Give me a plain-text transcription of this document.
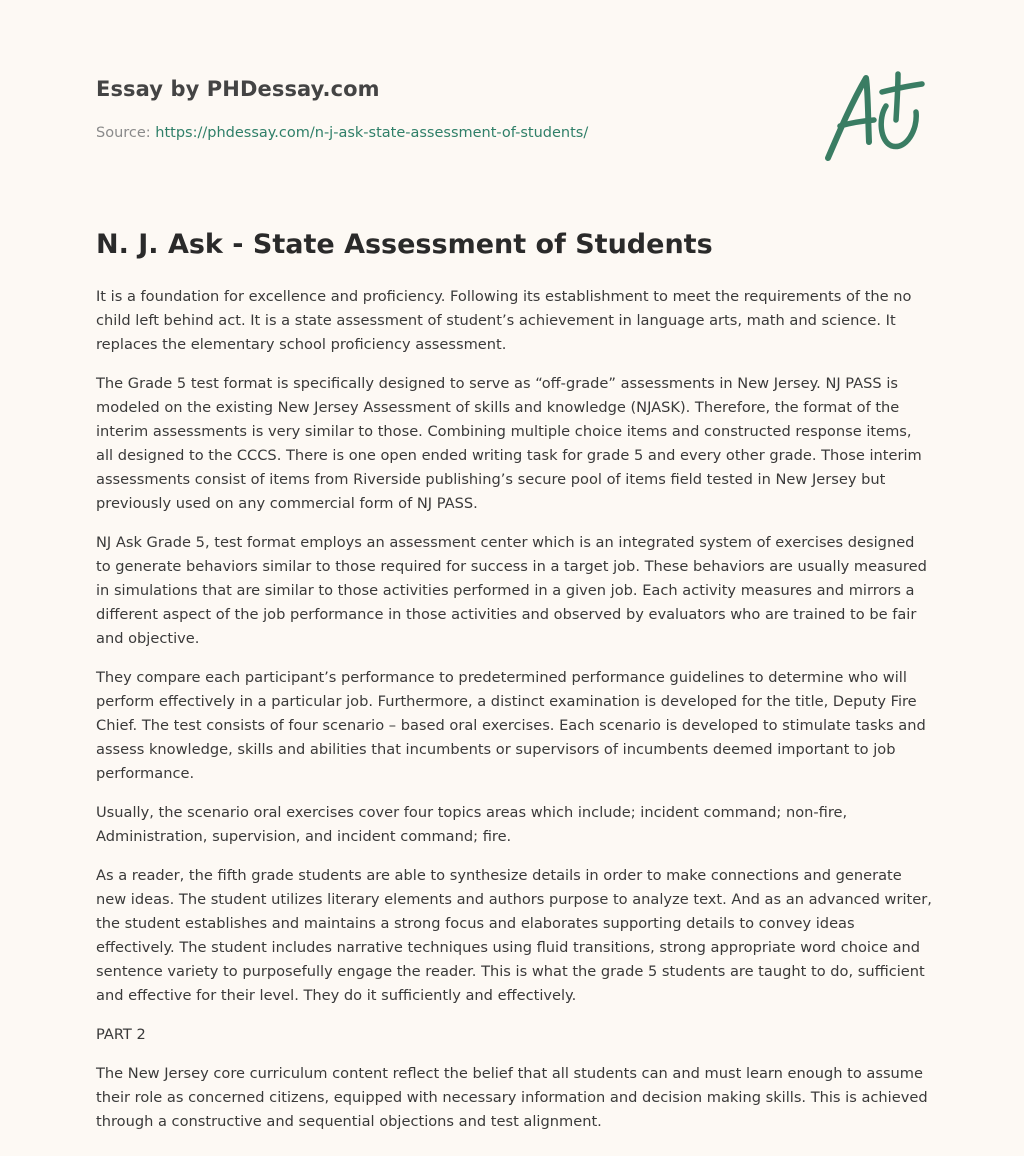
Essay by PHDessay.com
Source: https://phdessay.com/n-j-ask-state-assessment-of-students/
N. J. Ask - State Assessment of Students

It is a foundation for excellence and proficiency. Following its establishment to meet the requirements of the no child left behind act. It is a state assessment of student’s achievement in language arts, math and science. It replaces the elementary school proficiency assessment.

The Grade 5 test format is specifically designed to serve as “off-grade” assessments in New Jersey. NJ PASS is modeled on the existing New Jersey Assessment of skills and knowledge (NJASK). Therefore, the format of the interim assessments is very similar to those. Combining multiple choice items and constructed response items, all designed to the CCCS. There is one open ended writing task for grade 5 and every other grade. Those interim assessments consist of items from Riverside publishing’s secure pool of items field tested in New Jersey but previously used on any commercial form of NJ PASS.

NJ Ask Grade 5, test format employs an assessment center which is an integrated system of exercises designed to generate behaviors similar to those required for success in a target job. These behaviors are usually measured in simulations that are similar to those activities performed in a given job. Each activity measures and mirrors a different aspect of the job performance in those activities and observed by evaluators who are trained to be fair and objective.

They compare each participant’s performance to predetermined performance guidelines to determine who will perform effectively in a particular job. Furthermore, a distinct examination is developed for the title, Deputy Fire Chief. The test consists of four scenario – based oral exercises. Each scenario is developed to stimulate tasks and assess knowledge, skills and abilities that incumbents or supervisors of incumbents deemed important to job performance.

Usually, the scenario oral exercises cover four topics areas which include; incident command; non-fire, Administration, supervision, and incident command; fire.

As a reader, the fifth grade students are able to synthesize details in order to make connections and generate new ideas. The student utilizes literary elements and authors purpose to analyze text. And as an advanced writer, the student establishes and maintains a strong focus and elaborates supporting details to convey ideas effectively. The student includes narrative techniques using fluid transitions, strong appropriate word choice and sentence variety to purposefully engage the reader. This is what the grade 5 students are taught to do, sufficient and effective for their level. They do it sufficiently and effectively.

PART 2

The New Jersey core curriculum content reflect the belief that all students can and must learn enough to assume their role as concerned citizens, equipped with necessary information and decision making skills. This is achieved through a constructive and sequential objections and test alignment.
